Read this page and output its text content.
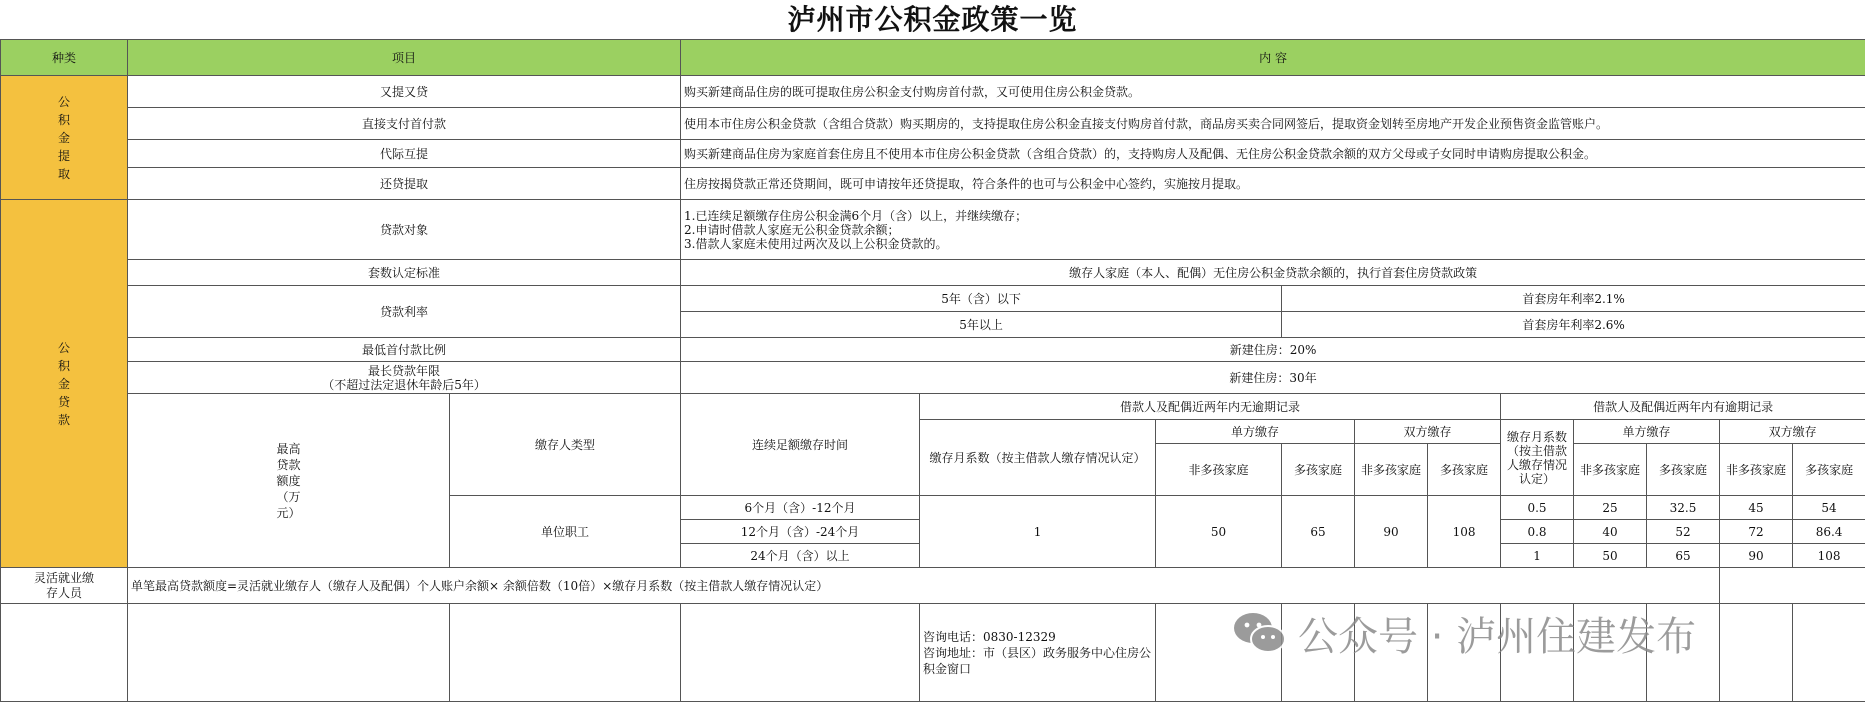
泸州市公积金政策一览
种类	项目		内 容										
公积金提取	又提又贷		购买新建商品住房的既可提取住房公积金支付购房首付款，又可使用住房公积金贷款。										
	直接支付首付款		使用本市住房公积金贷款（含组合贷款）购买期房的，支持提取住房公积金直接支付购房首付款，商品房买卖合同网签后，提取资金划转至房地产开发企业预售资金监管账户。										
	代际互提		购买新建商品住房为家庭首套住房且不使用本市住房公积金贷款（含组合贷款）的，支持购房人及配偶、无住房公积金贷款余额的双方父母或子女同时申请购房提取公积金。										
	还贷提取		住房按揭贷款正常还贷期间，既可申请按年还贷提取，符合条件的也可与公积金中心签约，实施按月提取。										
公积金贷款	贷款对象		1.已连续足额缴存住房公积金满6个月（含）以上，并继续缴存；
2.申请时借款人家庭无公积金贷款余额；
3.借款人家庭未使用过两次及以上公积金贷款的。										

	套数认定标准		缴存人家庭（本人、配偶）无住房公积金贷款余额的，执行首套住房贷款政策										
	贷款利率		5年（含）以下			首套房年利率2.1%							
			5年以上			首套房年利率2.6%							
	最低首付款比例		新建住房：20%										

	最长贷款年限
（不超过法定退休年龄后5年）		新建住房：30年										
	最高贷款额度（万元）	缴存人类型	连续足额缴存时间	借款人及配偶近两年内无逾期记录					借款人及配偶近两年内有逾期记录				
				缴存月系数（按主借款人缴存情况认定）	单方缴存		双方缴存		缴存月系数（按主借款人缴存情况认定）	单方缴存		双方缴存	
					非多孩家庭	多孩家庭	非多孩家庭	多孩家庭		非多孩家庭	多孩家庭	非多孩家庭	多孩家庭
		单位职工	6个月（含）-12个月	1	50	65	90	108	0.5	25	32.5	45	54
			12个月（含）-24个月						0.8	40	52	72	86.4
			24个月（含）以上						1	50	65	90	108
灵活就业缴存人员	单笔最高贷款额度=灵活就业缴存人（缴存人及配偶）个人账户余额× 余额倍数（10倍）×缴存月系数（按主借款人缴存情况认定）												

				咨询电话：0830-12329
咨询地址：市（县区）政务服务中心住房公积金窗口									

公众号 · 泸州住建发布
